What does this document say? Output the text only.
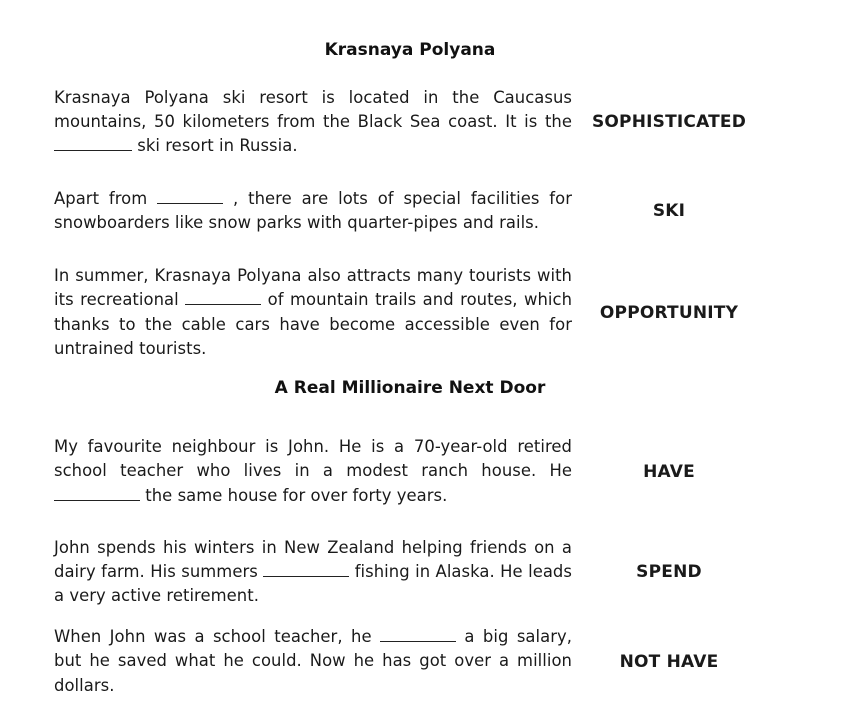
Krasnaya Polyana
Krasnaya Polyana ski resort is located in the Caucasus mountains, 50 kilometers from the Black Sea coast. It is the  ski resort in Russia.
SOPHISTICATED
Apart from	, there are lots of special facilities for snowboarders like snow parks with quarter-pipes and rails.
SKI
In summer, Krasnaya Polyana also attracts many tourists with its recreational	of mountain trails and routes, which thanks to the cable cars have become accessible even for untrained tourists.
OPPORTUNITY
A Real Millionaire Next Door
My favourite neighbour is John. He is a 70-year-old retired school teacher who lives in a modest ranch house. He  the same house for over forty years.
HAVE
John spends his winters in New Zealand helping friends on a dairy farm. His summers	fishing in Alaska. He leads a very active retirement.
SPEND
When John was a school teacher, he	a big salary, but he saved what he could. Now he has got over a million dollars.
NOT HAVE
